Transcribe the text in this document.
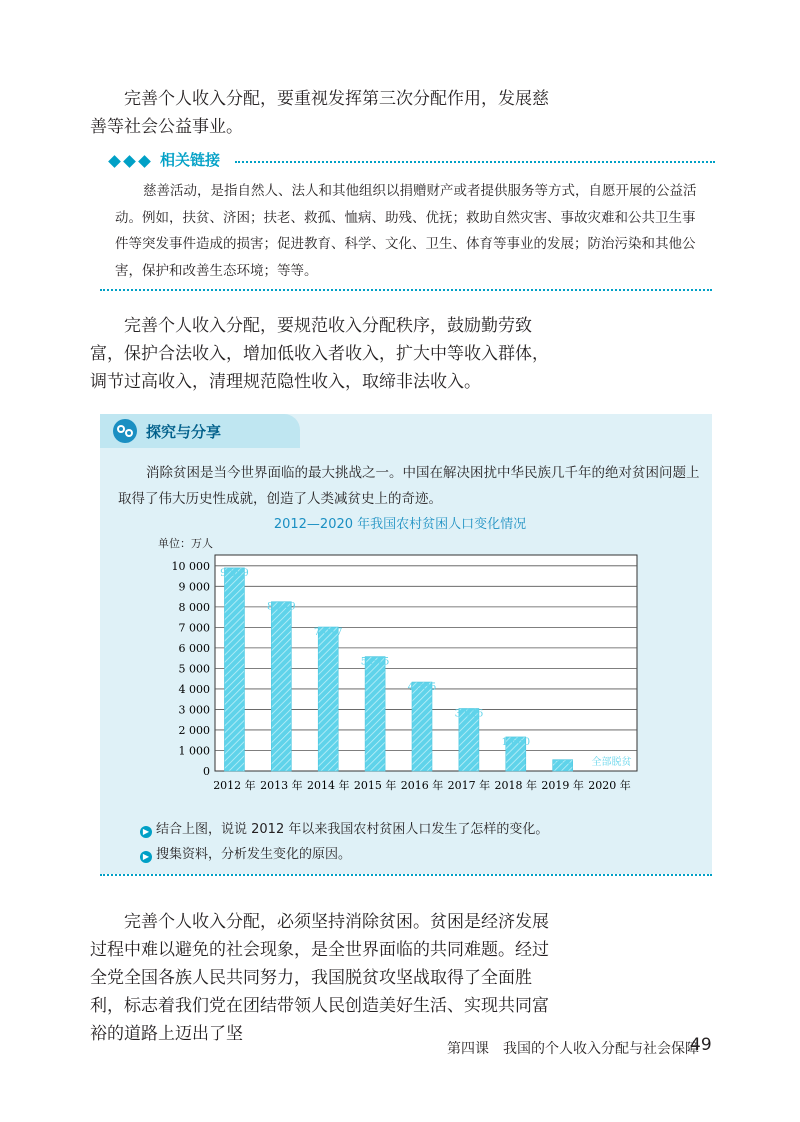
完善个人收入分配，要重视发挥第三次分配作用，发展慈善等社会公益事业。

相关链接

慈善活动，是指自然人、法人和其他组织以捐赠财产或者提供服务等方式，自愿开展的公益活动。例如，扶贫、济困；扶老、救孤、恤病、助残、优抚；救助自然灾害、事故灾难和公共卫生事件等突发事件造成的损害；促进教育、科学、文化、卫生、体育等事业的发展；防治污染和其他公害，保护和改善生态环境；等等。

完善个人收入分配，要规范收入分配秩序，鼓励勤劳致富，保护合法收入，增加低收入者收入，扩大中等收入群体，调节过高收入，清理规范隐性收入，取缔非法收入。

探究与分享

消除贫困是当今世界面临的最大挑战之一。中国在解决困扰中华民族几千年的绝对贫困问题上取得了伟大历史性成就，创造了人类减贫史上的奇迹。

2012—2020 年我国农村贫困人口变化情况
单位：万人
0
1 000
2 000
3 000
4 000
5 000
6 000
7 000
8 000
9 000
10 000
9 899
8 249
7 017
5 575
4 335
3 046
1 660
551 全部脱贫
2012 年 2013 年 2014 年 2015 年 2016 年 2017 年 2018 年 2019 年 2020 年
▶ 结合上图，说说 2012 年以来我国农村贫困人口发生了怎样的变化。
▶ 搜集资料，分析发生变化的原因。

完善个人收入分配，必须坚持消除贫困。贫困是经济发展过程中难以避免的社会现象，是全世界面临的共同难题。经过全党全国各族人民共同努力，我国脱贫攻坚战取得了全面胜利，标志着我们党在团结带领人民创造美好生活、实现共同富裕的道路上迈出了坚

第四课　我国的个人收入分配与社会保障
49
